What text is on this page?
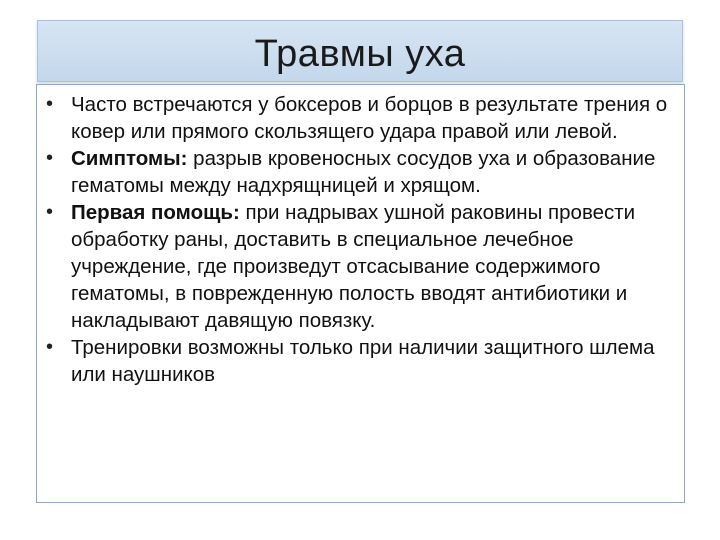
Травмы уха
• Часто встречаются у боксеров и борцов в результате трения о ковер или прямого скользящего удара правой или левой.
• Симптомы: разрыв кровеносных сосудов уха и образование гематомы между надхрящницей и хрящом.
• Первая помощь: при надрывах ушной раковины провести обработку раны, доставить в специальное лечебное учреждение, где произведут отсасывание содержимого гематомы, в поврежденную полость вводят антибиотики и накладывают давящую повязку.
• Тренировки возможны только при наличии защитного шлема или наушников
